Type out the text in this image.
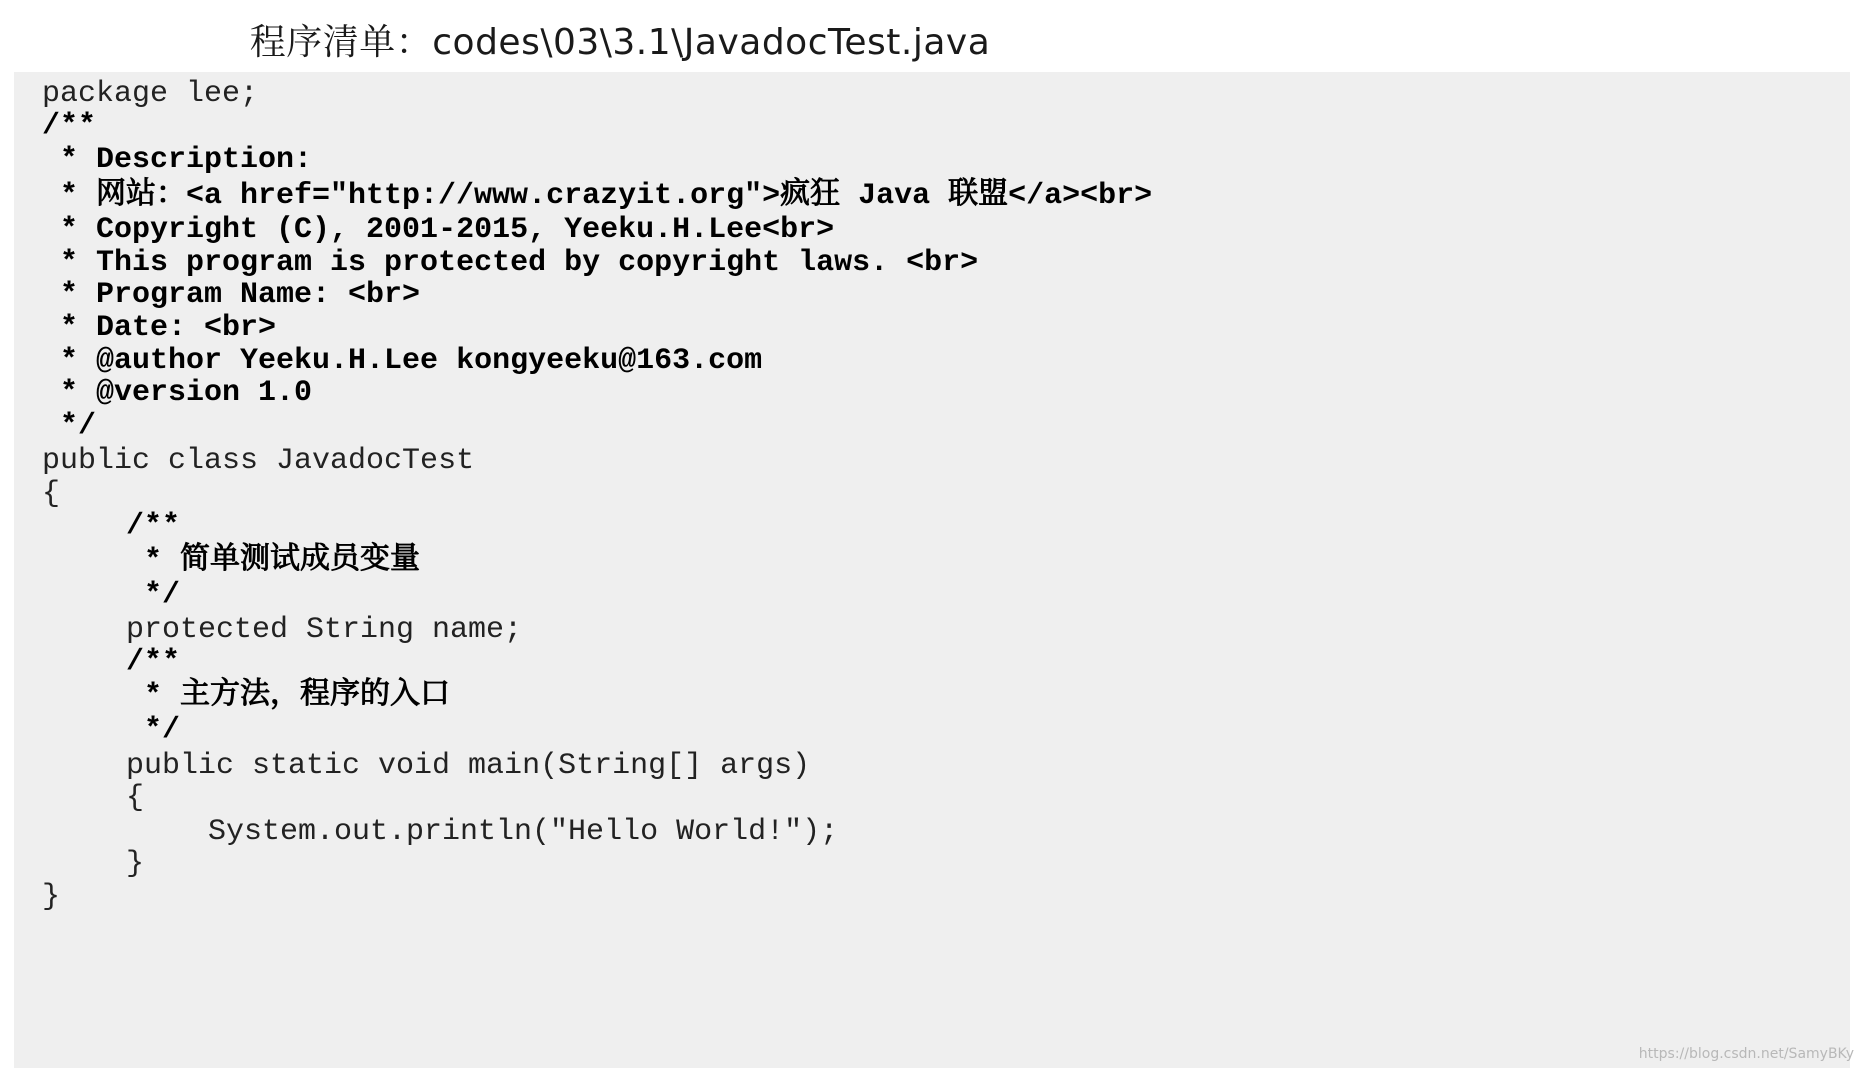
程序清单：codes\03\3.1\JavadocTest.java
package lee;
/**
* Description:
* 网站：<a href="http://www.crazyit.org">疯狂 Java 联盟</a><br>
* Copyright (C), 2001-2015, Yeeku.H.Lee<br>
* This program is protected by copyright laws. <br>
* Program Name: <br>
* Date: <br>
* @author Yeeku.H.Lee kongyeeku@163.com
* @version 1.0
*/
public class JavadocTest
{
/**
* 简单测试成员变量
*/
protected String name;
/**
* 主方法，程序的入口
*/
public static void main(String[] args)
{
System.out.println("Hello World!");
}
}
https://blog.csdn.net/SamyBKy
